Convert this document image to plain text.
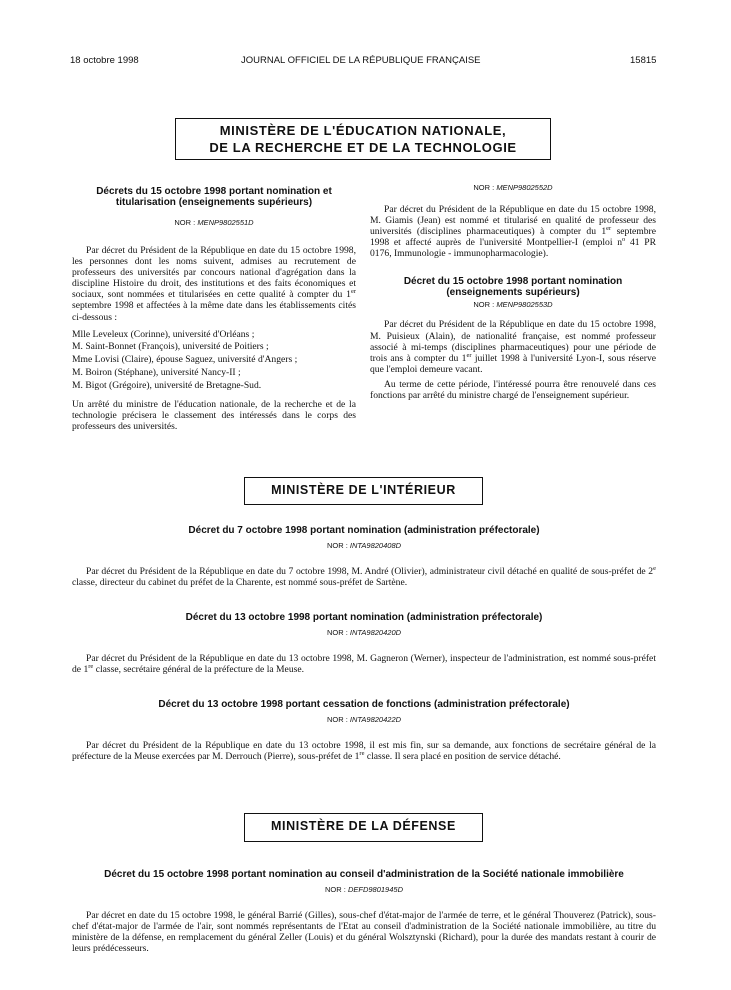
18 octobre 1998	JOURNAL OFFICIEL DE LA RÉPUBLIQUE FRANÇAISE	15815
MINISTÈRE DE L'ÉDUCATION NATIONALE,
DE LA RECHERCHE ET DE LA TECHNOLOGIE
Décrets du 15 octobre 1998 portant nomination et titularisation (enseignements supérieurs)
NOR : MENP9802551D

Par décret du Président de la République en date du 15 octobre 1998, les personnes dont les noms suivent, admises au recrutement de professeurs des universités par concours national d'agrégation dans la discipline Histoire du droit, des institutions et des faits économiques et sociaux, sont nommées et titularisées en cette qualité à compter du 1er septembre 1998 et affectées à la même date dans les établissements cités ci-dessous :

Mlle Leveleux (Corinne), université d'Orléans ;
M. Saint-Bonnet (François), université de Poitiers ;
Mme Lovisi (Claire), épouse Saguez, université d'Angers ;
M. Boiron (Stéphane), université Nancy-II ;
M. Bigot (Grégoire), université de Bretagne-Sud.

Un arrêté du ministre de l'éducation nationale, de la recherche et de la technologie précisera le classement des intéressés dans le corps des professeurs des universités.

NOR : MENP9802552D

Par décret du Président de la République en date du 15 octobre 1998, M. Giamis (Jean) est nommé et titularisé en qualité de professeur des universités (disciplines pharmaceutiques) à compter du 1er septembre 1998 et affecté auprès de l'université Montpellier-I (emploi $n^o$ 41 PR 0176, Immunologie - immunopharmacologie).

Décret du 15 octobre 1998 portant nomination (enseignements supérieurs)
NOR : MENP9802553D

Par décret du Président de la République en date du 15 octobre 1998, M. Puisieux (Alain), de nationalité française, est nommé professeur associé à mi-temps (disciplines pharmaceutiques) pour une période de trois ans à compter du 1er juillet 1998 à l'université Lyon-I, sous réserve que l'emploi demeure vacant.

Au terme de cette période, l'intéressé pourra être renouvelé dans ces fonctions par arrêté du ministre chargé de l'enseignement supérieur.

MINISTÈRE DE L'INTÉRIEUR
Décret du 7 octobre 1998 portant nomination (administration préfectorale)
NOR : INTA9820408D

Par décret du Président de la République en date du 7 octobre 1998, M. André (Olivier), administrateur civil détaché en qualité de sous-préfet de 2e classe, directeur du cabinet du préfet de la Charente, est nommé sous-préfet de Sartène.

Décret du 13 octobre 1998 portant nomination (administration préfectorale)
NOR : INTA9820420D

Par décret du Président de la République en date du 13 octobre 1998, M. Gagneron (Werner), inspecteur de l'administration, est nommé sous-préfet de 1re classe, secrétaire général de la préfecture de la Meuse.

Décret du 13 octobre 1998 portant cessation de fonctions (administration préfectorale)
NOR : INTA9820422D

Par décret du Président de la République en date du 13 octobre 1998, il est mis fin, sur sa demande, aux fonctions de secrétaire général de la préfecture de la Meuse exercées par M. Derrouch (Pierre), sous-préfet de 1re classe. Il sera placé en position de service détaché.

MINISTÈRE DE LA DÉFENSE
Décret du 15 octobre 1998 portant nomination au conseil d'administration de la Société nationale immobilière
NOR : DEFD9801945D

Par décret en date du 15 octobre 1998, le général Barrié (Gilles), sous-chef d'état-major de l'armée de terre, et le général Thouverez (Patrick), sous-chef d'état-major de l'armée de l'air, sont nommés représentants de l'Etat au conseil d'administration de la Société nationale immobilière, au titre du ministère de la défense, en remplacement du général Zeller (Louis) et du général Wolsztynski (Richard), pour la durée des mandats restant à courir de leurs prédécesseurs.
